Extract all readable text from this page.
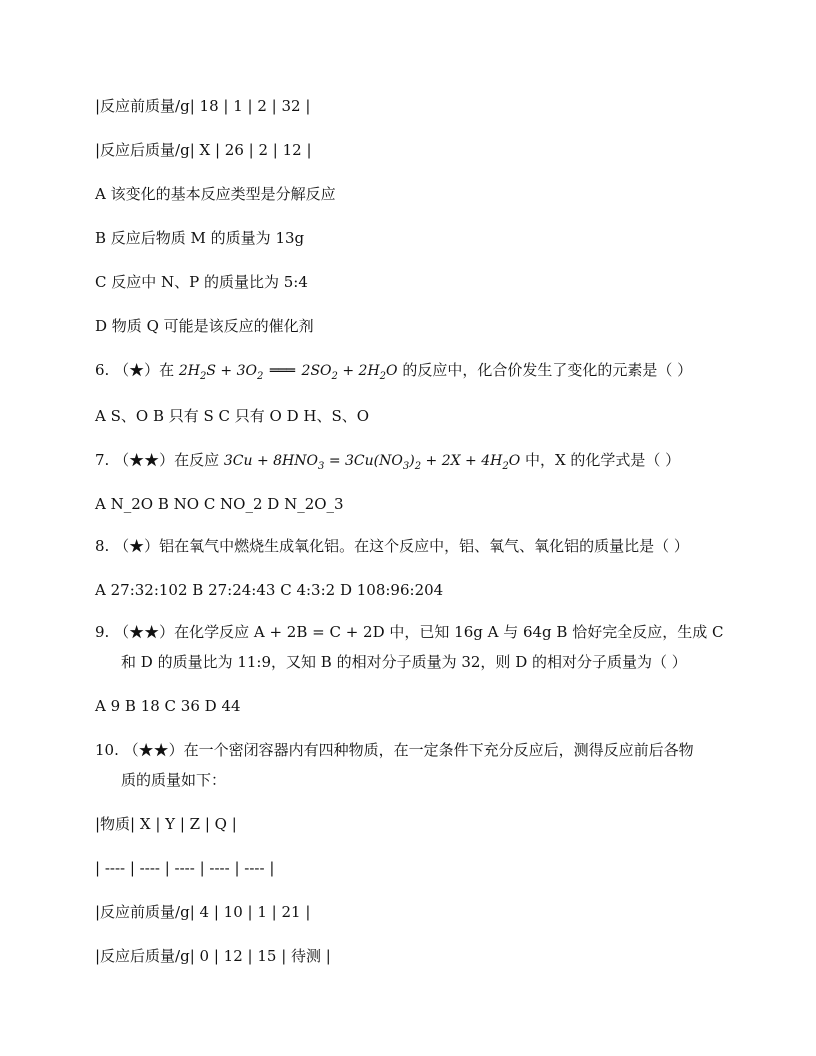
|反应前质量/g| 18 | 1 | 2 | 32 |
|反应后质量/g| X | 26 | 2 | 12 |
A 该变化的基本反应类型是分解反应
B 反应后物质 M 的质量为 13g
C 反应中 N、P 的质量比为 5:4
D 物质 Q 可能是该反应的催化剂
6. （★）在 $2H_2S + 3O_2$ ═══ $2SO_2 + 2H_2O$ 的反应中，化合价发生了变化的元素是（ ）
A S、O B 只有 S C 只有 O D H、S、O
7. （★★）在反应 $3Cu + 8HNO_3 = 3Cu(NO_3)_2 + 2X + 4H_2O$ 中，X 的化学式是（ ）
A N_2O B NO C NO_2 D N_2O_3
8. （★）铝在氧气中燃烧生成氧化铝。在这个反应中，铝、氧气、氧化铝的质量比是（ ）
A 27:32:102 B 27:24:43 C 4:3:2 D 108:96:204
9. （★★）在化学反应 A + 2B = C + 2D 中，已知 16g A 与 64g B 恰好完全反应，生成 C
和 D 的质量比为 11:9，又知 B 的相对分子质量为 32，则 D 的相对分子质量为（ ）
A 9 B 18 C 36 D 44
10. （★★）在一个密闭容器内有四种物质，在一定条件下充分反应后，测得反应前后各物
质的质量如下：
|物质| X | Y | Z | Q |
| ---- | ---- | ---- | ---- | ---- |
|反应前质量/g| 4 | 10 | 1 | 21 |
|反应后质量/g| 0 | 12 | 15 | 待测 |
